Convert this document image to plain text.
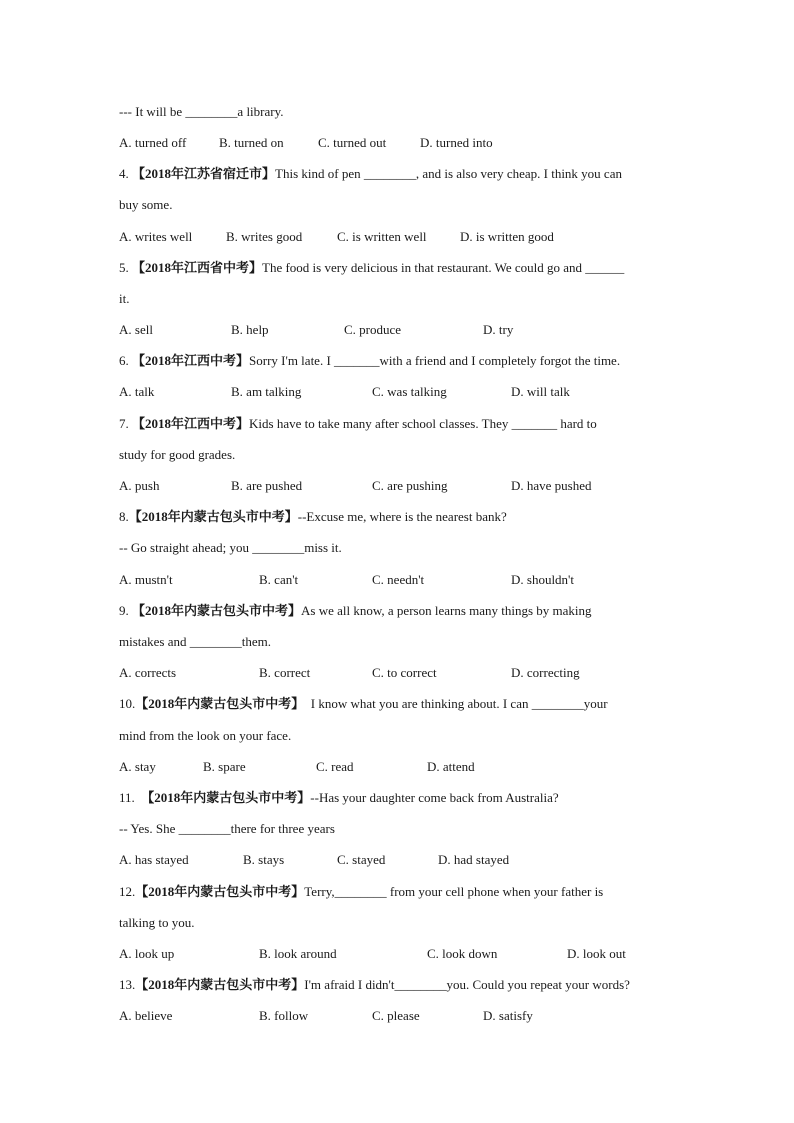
--- It will be ________a library.
A. turned off	B. turned on	C. turned out	D. turned into
4. 【2018年江苏省宿迁市】This kind of pen ________, and is also very cheap. I think you can
buy some.
A. writes well	B. writes good	C. is written well	D. is written good
5. 【2018年江西省中考】The food is very delicious in that restaurant. We could go and ______
it.
A. sell	B. help	C. produce	D. try
6. 【2018年江西中考】Sorry I'm late. I _______with a friend and I completely forgot the time.
A. talk	B. am talking	C. was talking	D. will talk
7. 【2018年江西中考】Kids have to take many after school classes. They _______ hard to
study for good grades.
A. push	B. are pushed	C. are pushing	D. have pushed
8.【2018年内蒙古包头市中考】--Excuse me, where is the nearest bank?
-- Go straight ahead; you ________miss it.
A. mustn't	B. can't	C. needn't	D. shouldn't
9. 【2018年内蒙古包头市中考】As we all know, a person learns many things by making
mistakes and ________them.
A. corrects	B. correct	C. to correct	D. correcting
10.【2018年内蒙古包头市中考】 I know what you are thinking about. I can ________your
mind from the look on your face.
A. stay	B. spare	C. read	D. attend
11. 【2018年内蒙古包头市中考】--Has your daughter come back from Australia?
-- Yes. She ________there for three years
A. has stayed	B. stays	C. stayed	D. had stayed
12.【2018年内蒙古包头市中考】Terry,________ from your cell phone when your father is
talking to you.
A. look up	B. look around	C. look down	D. look out
13.【2018年内蒙古包头市中考】I'm afraid I didn't________you. Could you repeat your words?
A. believe	B. follow	C. please	D. satisfy
